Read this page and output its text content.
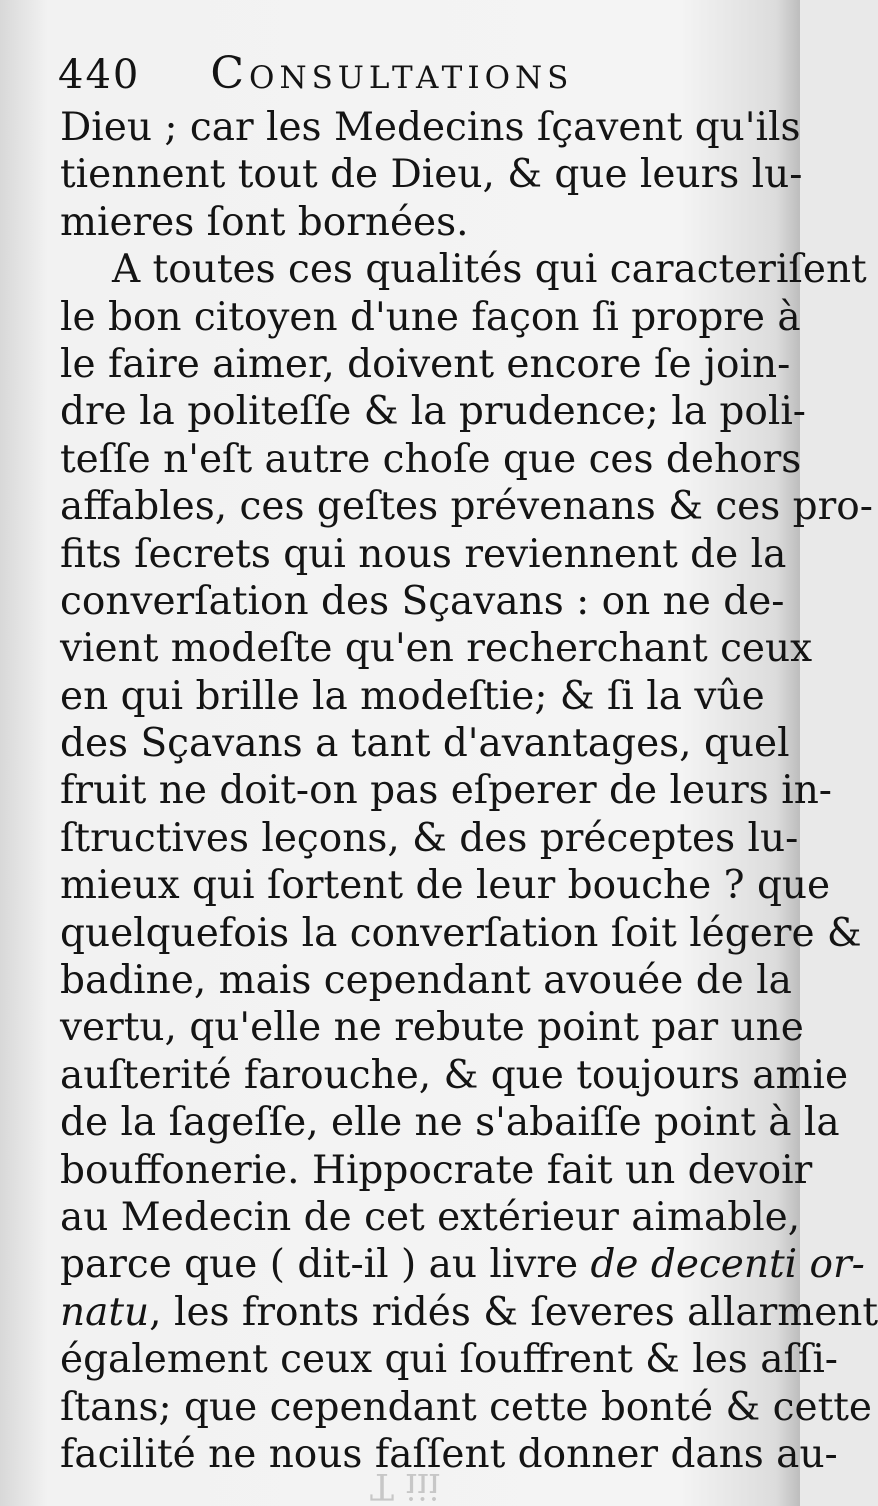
440 Consultations
Dieu ; car les Medecins ſçavent qu'ils
tiennent tout de Dieu, & que leurs lu-
mieres ſont bornées.
A toutes ces qualités qui caracteriſent
le bon citoyen d'une façon ſi propre à
le faire aimer, doivent encore ſe join-
dre la politeſſe & la prudence; la poli-
teſſe n'eſt autre choſe que ces dehors
affables, ces geſtes prévenans & ces pro-
fits ſecrets qui nous reviennent de la
converſation des Sçavans : on ne de-
vient modeſte qu'en recherchant ceux
en qui brille la modeſtie; & ſi la vûe
des Sçavans a tant d'avantages, quel
fruit ne doit-on pas eſperer de leurs in-
ſtructives leçons, & des préceptes lu-
mieux qui ſortent de leur bouche ? que
quelquefois la converſation ſoit légere &
badine, mais cependant avouée de la
vertu, qu'elle ne rebute point par une
auſterité farouche, & que toujours amie
de la ſageſſe, elle ne s'abaiſſe point à la
bouffonerie. Hippocrate fait un devoir
au Medecin de cet extérieur aimable,
parce que ( dit-il ) au livre de decenti or-
natu, les fronts ridés & ſeveres allarment
également ceux qui ſouffrent & les aſſi-
ſtans; que cependant cette bonté & cette
facilité ne nous faſſent donner dans au-
T iii
